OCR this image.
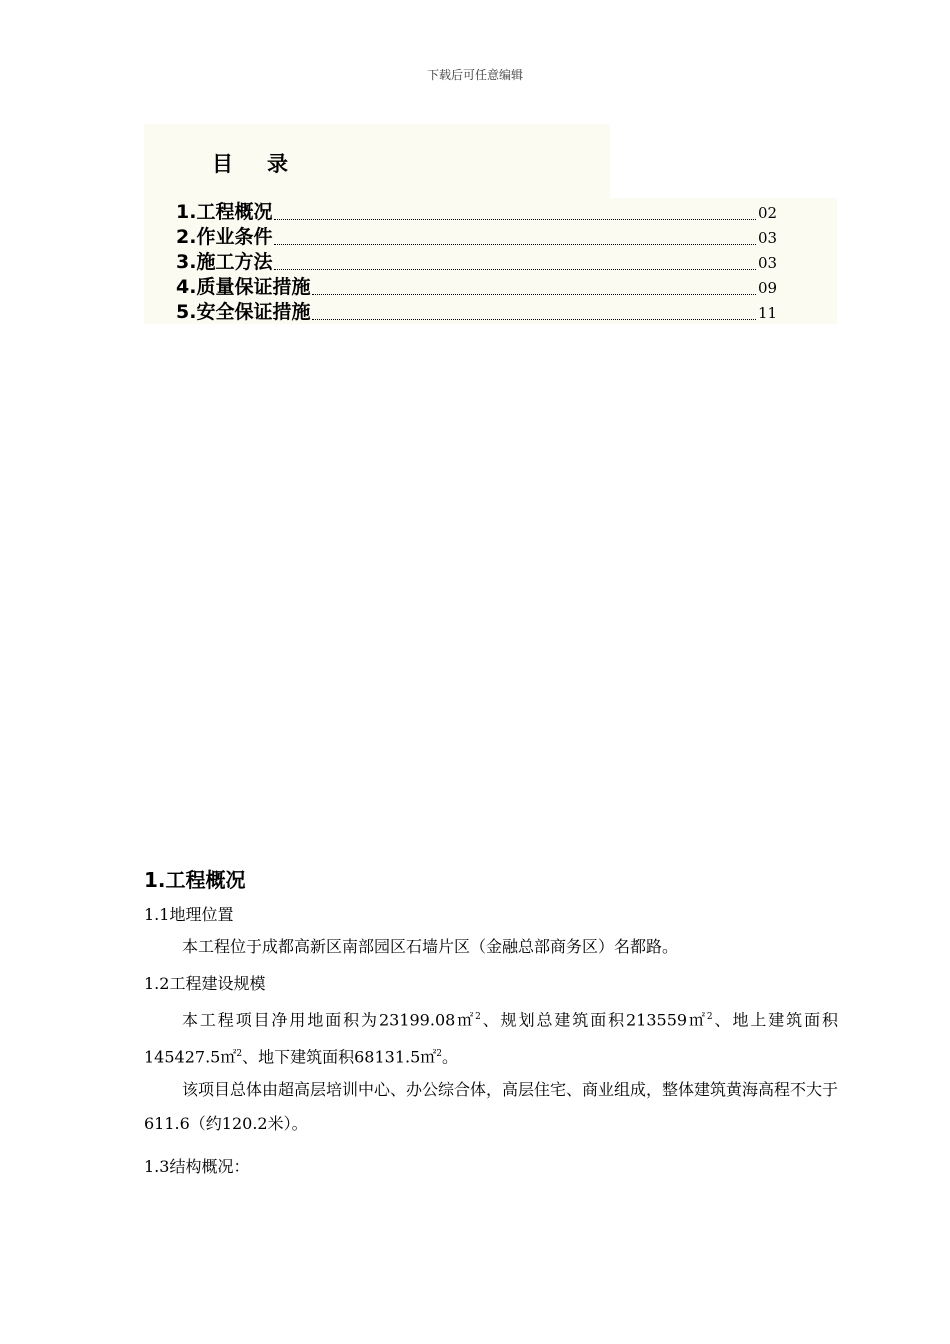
下载后可任意编辑
目录
1.工程概况	02
2.作业条件	03
3.施工方法	03
4.质量保证措施	09
5.安全保证措施	11
1.工程概况
1.1地理位置
本工程位于成都高新区南部园区石墙片区（金融总部商务区）名都路。
1.2工程建设规模
本工程项目净用地面积为23199.08㎡$^2$、规划总建筑面积213559㎡$^2$、地上建筑面积145427.5㎡$^2$、地下建筑面积68131.5㎡$^2$。
该项目总体由超高层培训中心、办公综合体，高层住宅、商业组成，整体建筑黄海高程不大于611.6（约120.2米）。
1.3结构概况：
